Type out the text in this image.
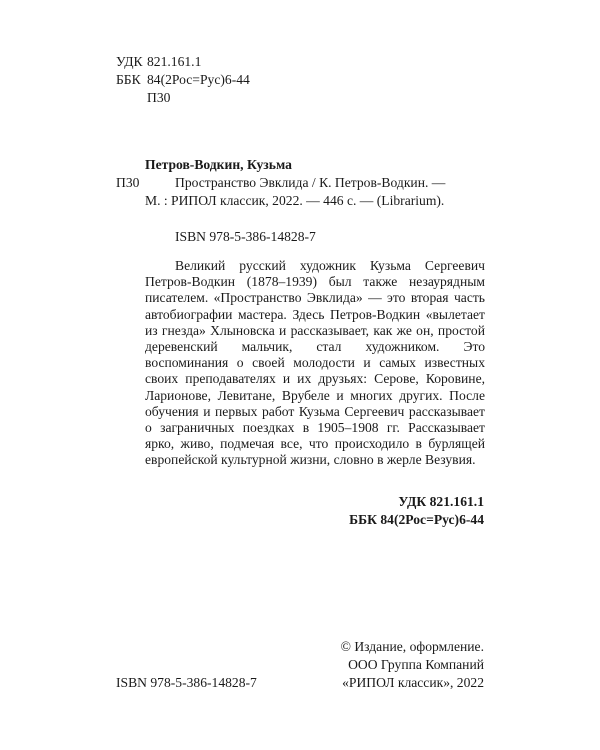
УДК 821.161.1
ББК 84(2Рос=Рус)6-44
П30
Петров-Водкин, Кузьма
П30	Пространство Эвклида / К. Петров-Водкин. —
М. : РИПОЛ классик, 2022. — 446 с. — (Librarium).
ISBN 978-5-386-14828-7

Великий русский художник Кузьма Сергеевич Петров-Водкин (1878–1939) был также незаурядным писателем. «Пространство Эвклида» — это вторая часть автобиографии мастера. Здесь Петров-Водкин «вылетает из гнезда» Хлыновска и рассказывает, как же он, простой деревенский мальчик, стал художником. Это воспоминания о своей молодости и самых известных своих преподавателях и их друзьях: Серове, Коровине, Ларионове, Левитане, Врубеле и многих других. После обучения и первых работ Кузьма Сергеевич рассказывает о заграничных поездках в 1905–1908 гг. Рассказывает ярко, живо, подмечая все, что происходило в бурлящей европейской культурной жизни, словно в жерле Везувия.

УДК 821.161.1
ББК 84(2Рос=Рус)6-44
ISBN 978-5-386-14828-7
© Издание, оформление.
ООО Группа Компаний
«РИПОЛ классик», 2022
